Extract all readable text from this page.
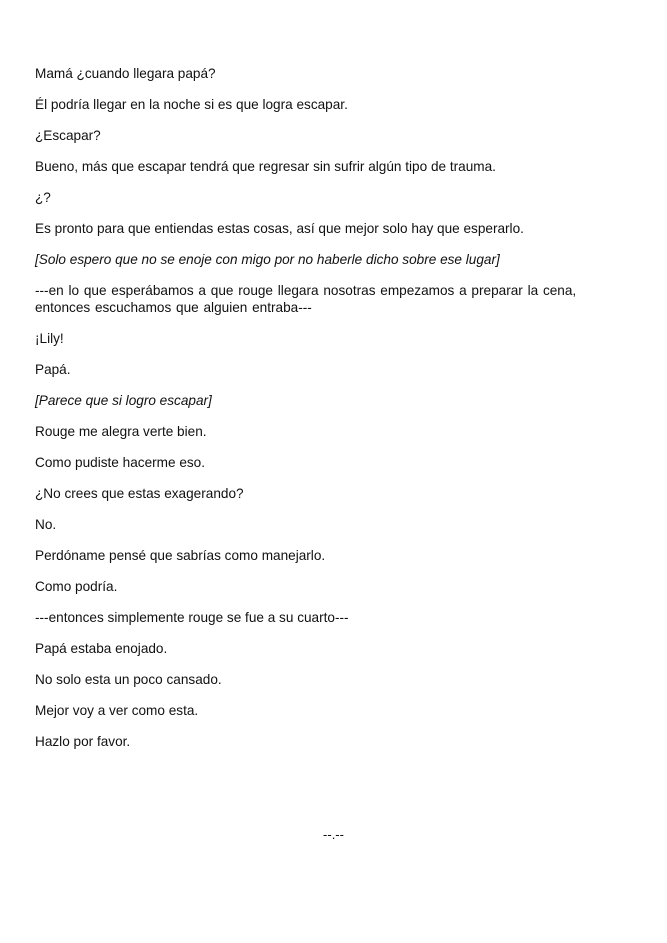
Mamá ¿cuando llegara papá?

Él podría llegar en la noche si es que logra escapar.

¿Escapar?

Bueno, más que escapar tendrá que regresar sin sufrir algún tipo de trauma.

¿?

Es pronto para que entiendas estas cosas, así que mejor solo hay que esperarlo.

[Solo espero que no se enoje con migo por no haberle dicho sobre ese lugar]

---en lo que esperábamos a que rouge llegara nosotras empezamos a preparar la cena, entonces escuchamos que alguien entraba---

¡Lily!

Papá.

[Parece que si logro escapar]

Rouge me alegra verte bien.

Como pudiste hacerme eso.

¿No crees que estas exagerando?

No.

Perdóname pensé que sabrías como manejarlo.

Como podría.

---entonces simplemente rouge se fue a su cuarto---

Papá estaba enojado.

No solo esta un poco cansado.

Mejor voy a ver como esta.

Hazlo por favor.

--.--
